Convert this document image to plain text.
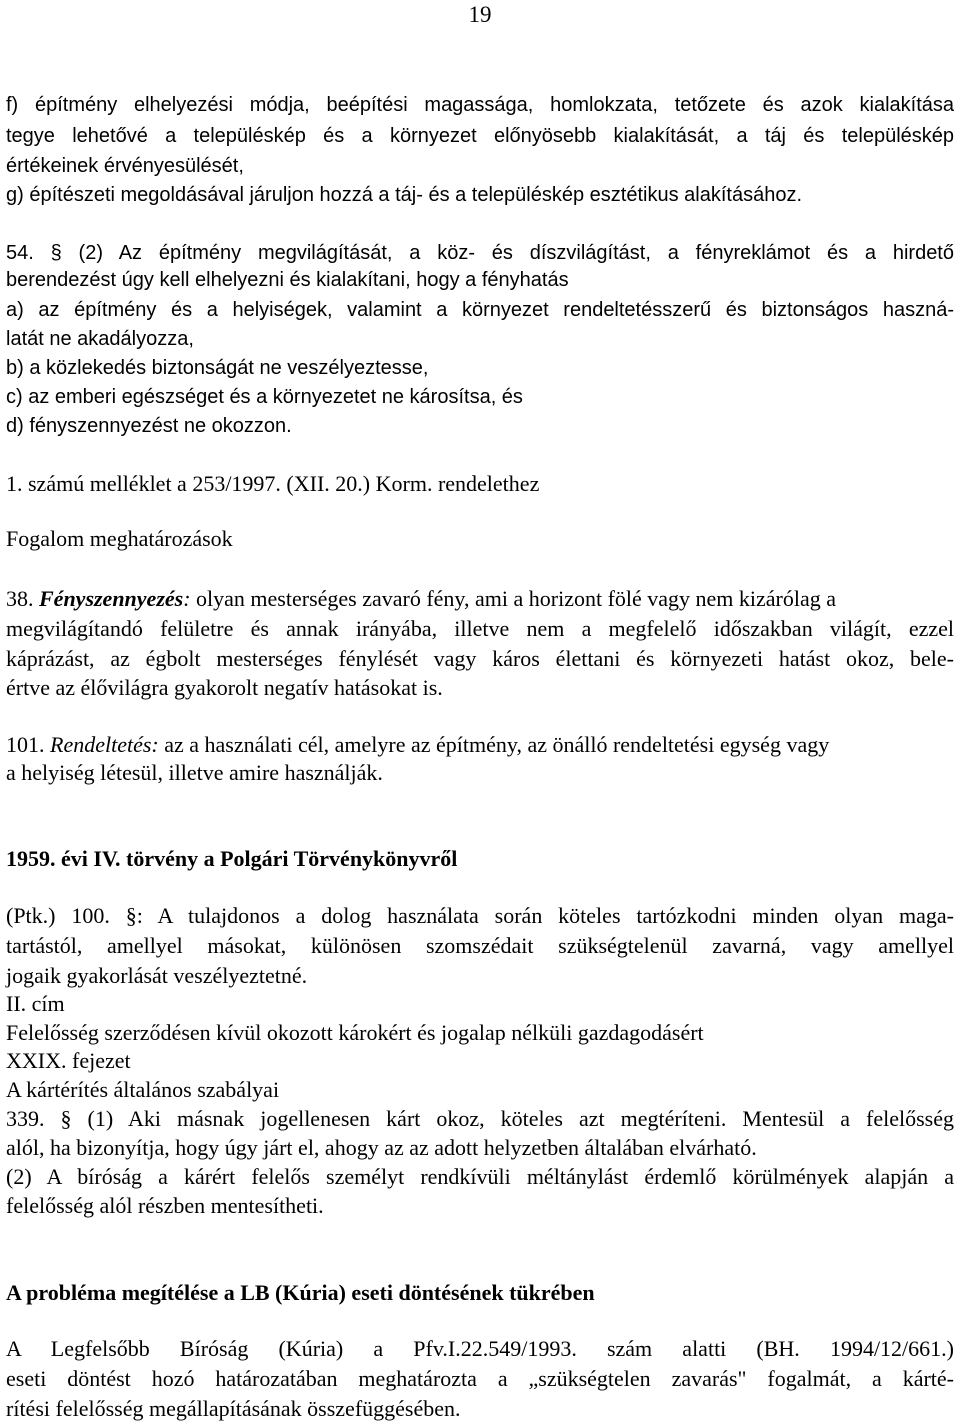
19
f) építmény elhelyezési módja, beépítési magassága, homlokzata, tetőzete és azok kialakítása
tegye lehetővé a településkép és a környezet előnyösebb kialakítását, a táj és településkép
értékeinek érvényesülését,
g) építészeti megoldásával járuljon hozzá a táj- és a településkép esztétikus alakításához.
54. § (2) Az építmény megvilágítását, a köz- és díszvilágítást, a fényreklámot és a hirdető
berendezést úgy kell elhelyezni és kialakítani, hogy a fényhatás
a) az építmény és a helyiségek, valamint a környezet rendeltetésszerű és biztonságos haszná-
latát ne akadályozza,
b) a közlekedés biztonságát ne veszélyeztesse,
c) az emberi egészséget és a környezetet ne károsítsa, és
d) fényszennyezést ne okozzon.
1. számú melléklet a 253/1997. (XII. 20.) Korm. rendelethez
Fogalom meghatározások
38. Fényszennyezés: olyan mesterséges zavaró fény, ami a horizont fölé vagy nem kizárólag a
megvilágítandó felületre és annak irányába, illetve nem a megfelelő időszakban világít, ezzel
káprázást, az égbolt mesterséges fénylését vagy káros élettani és környezeti hatást okoz, bele-
értve az élővilágra gyakorolt negatív hatásokat is.
101. Rendeltetés: az a használati cél, amelyre az építmény, az önálló rendeltetési egység vagy
a helyiség létesül, illetve amire használják.
1959. évi IV. törvény a Polgári Törvénykönyvről
(Ptk.) 100. §: A tulajdonos a dolog használata során köteles tartózkodni minden olyan maga-
tartástól, amellyel másokat, különösen szomszédait szükségtelenül zavarná, vagy amellyel
jogaik gyakorlását veszélyeztetné.
II. cím
Felelősség szerződésen kívül okozott károkért és jogalap nélküli gazdagodásért
XXIX. fejezet
A kártérítés általános szabályai
339. § (1) Aki másnak jogellenesen kárt okoz, köteles azt megtéríteni. Mentesül a felelősség
alól, ha bizonyítja, hogy úgy járt el, ahogy az az adott helyzetben általában elvárható.
(2) A bíróság a kárért felelős személyt rendkívüli méltánylást érdemlő körülmények alapján a
felelősség alól részben mentesítheti.
A probléma megítélése a LB (Kúria) eseti döntésének tükrében
A Legfelsőbb Bíróság (Kúria) a Pfv.I.22.549/1993. szám alatti (BH. 1994/12/661.)
eseti döntést hozó határozatában meghatározta a „szükségtelen zavarás" fogalmát, a kárté-
rítési felelősség megállapításának összefüggésében.
